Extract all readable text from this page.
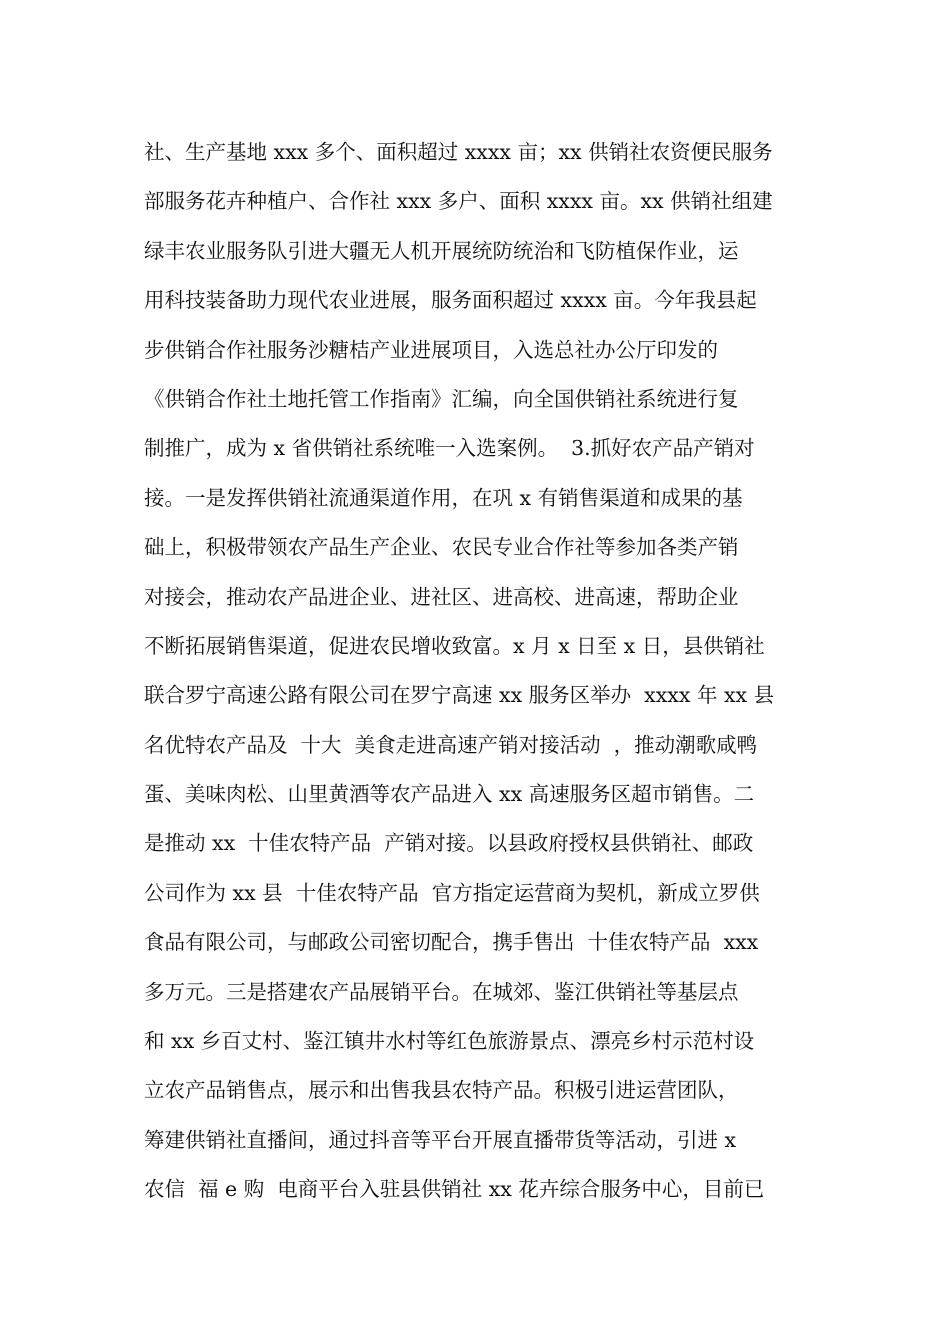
社、生产基地 xxx 多个、面积超过 xxxx 亩；xx 供销社农资便民服务
部服务花卉种植户、合作社 xxx 多户、面积 xxxx 亩。xx 供销社组建
绿丰农业服务队引进大疆无人机开展统防统治和飞防植保作业，运
用科技装备助力现代农业进展，服务面积超过 xxxx 亩。今年我县起
步供销合作社服务沙糖桔产业进展项目，入选总社办公厅印发的
《供销合作社土地托管工作指南》汇编，向全国供销社系统进行复
制推广，成为 x 省供销社系统唯一入选案例。  3.抓好农产品产销对
接。一是发挥供销社流通渠道作用，在巩 x 有销售渠道和成果的基
础上，积极带领农产品生产企业、农民专业合作社等参加各类产销
对接会，推动农产品进企业、进社区、进高校、进高速，帮助企业
不断拓展销售渠道，促进农民增收致富。x 月 x 日至 x 日，县供销社
联合罗宁高速公路有限公司在罗宁高速 xx 服务区举办  xxxx 年 xx 县
名优特农产品及  十大  美食走进高速产销对接活动  ，推动潮歌咸鸭
蛋、美味肉松、山里黄酒等农产品进入 xx 高速服务区超市销售。二
是推动 xx  十佳农特产品  产销对接。以县政府授权县供销社、邮政
公司作为 xx 县  十佳农特产品  官方指定运营商为契机，新成立罗供
食品有限公司，与邮政公司密切配合，携手售出  十佳农特产品  xxx
多万元。三是搭建农产品展销平台。在城郊、鉴江供销社等基层点
和 xx 乡百丈村、鉴江镇井水村等红色旅游景点、漂亮乡村示范村设
立农产品销售点，展示和出售我县农特产品。积极引进运营团队，
筹建供销社直播间，通过抖音等平台开展直播带货等活动，引进 x
农信  福 e 购  电商平台入驻县供销社 xx 花卉综合服务中心，目前已
